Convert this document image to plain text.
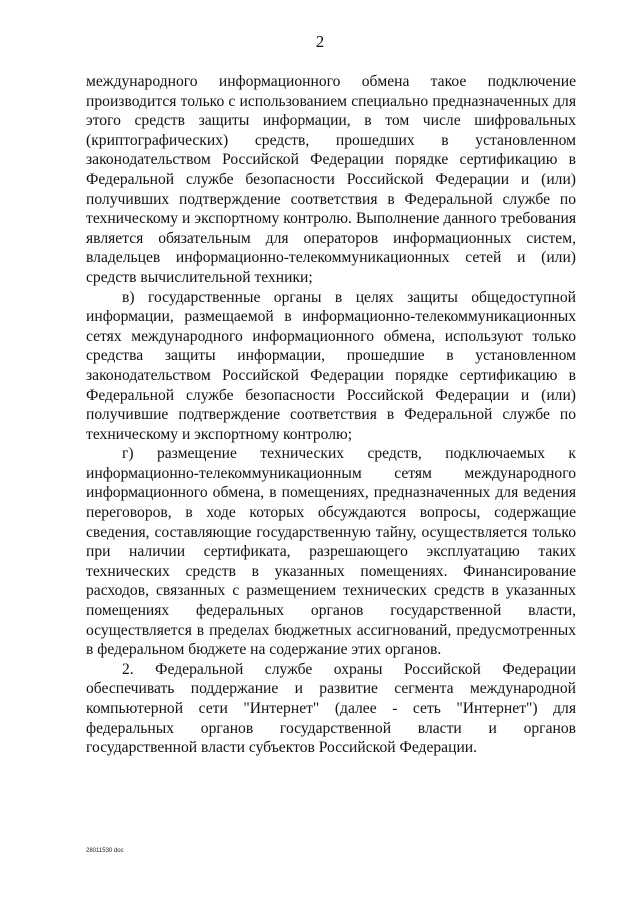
2

международного информационного обмена такое подключение производится только с использованием специально предназначенных для этого средств защиты информации, в том числе шифровальных (криптографических) средств, прошедших в установленном законодательством Российской Федерации порядке сертификацию в Федеральной службе безопасности Российской Федерации и (или) получивших подтверждение соответствия в Федеральной службе по техническому и экспортному контролю. Выполнение данного требования является обязательным для операторов информационных систем, владельцев информационно-телекоммуникационных сетей и (или) средств вычислительной техники;

в) государственные органы в целях защиты общедоступной информации, размещаемой в информационно-телекоммуникационных сетях международного информационного обмена, используют только средства защиты информации, прошедшие в установленном законодательством Российской Федерации порядке сертификацию в Федеральной службе безопасности Российской Федерации и (или) получившие подтверждение соответствия в Федеральной службе по техническому и экспортному контролю;

г) размещение технических средств, подключаемых к информационно-телекоммуникационным сетям международного информационного обмена, в помещениях, предназначенных для ведения переговоров, в ходе которых обсуждаются вопросы, содержащие сведения, составляющие государственную тайну, осуществляется только при наличии сертификата, разрешающего эксплуатацию таких технических средств в указанных помещениях. Финансирование расходов, связанных с размещением технических средств в указанных помещениях федеральных органов государственной власти, осуществляется в пределах бюджетных ассигнований, предусмотренных в федеральном бюджете на содержание этих органов.

2. Федеральной службе охраны Российской Федерации обеспечивать поддержание и развитие сегмента международной компьютерной сети "Интернет" (далее - сеть "Интернет") для федеральных органов государственной власти и органов государственной власти субъектов Российской Федерации.

28011530 doc
